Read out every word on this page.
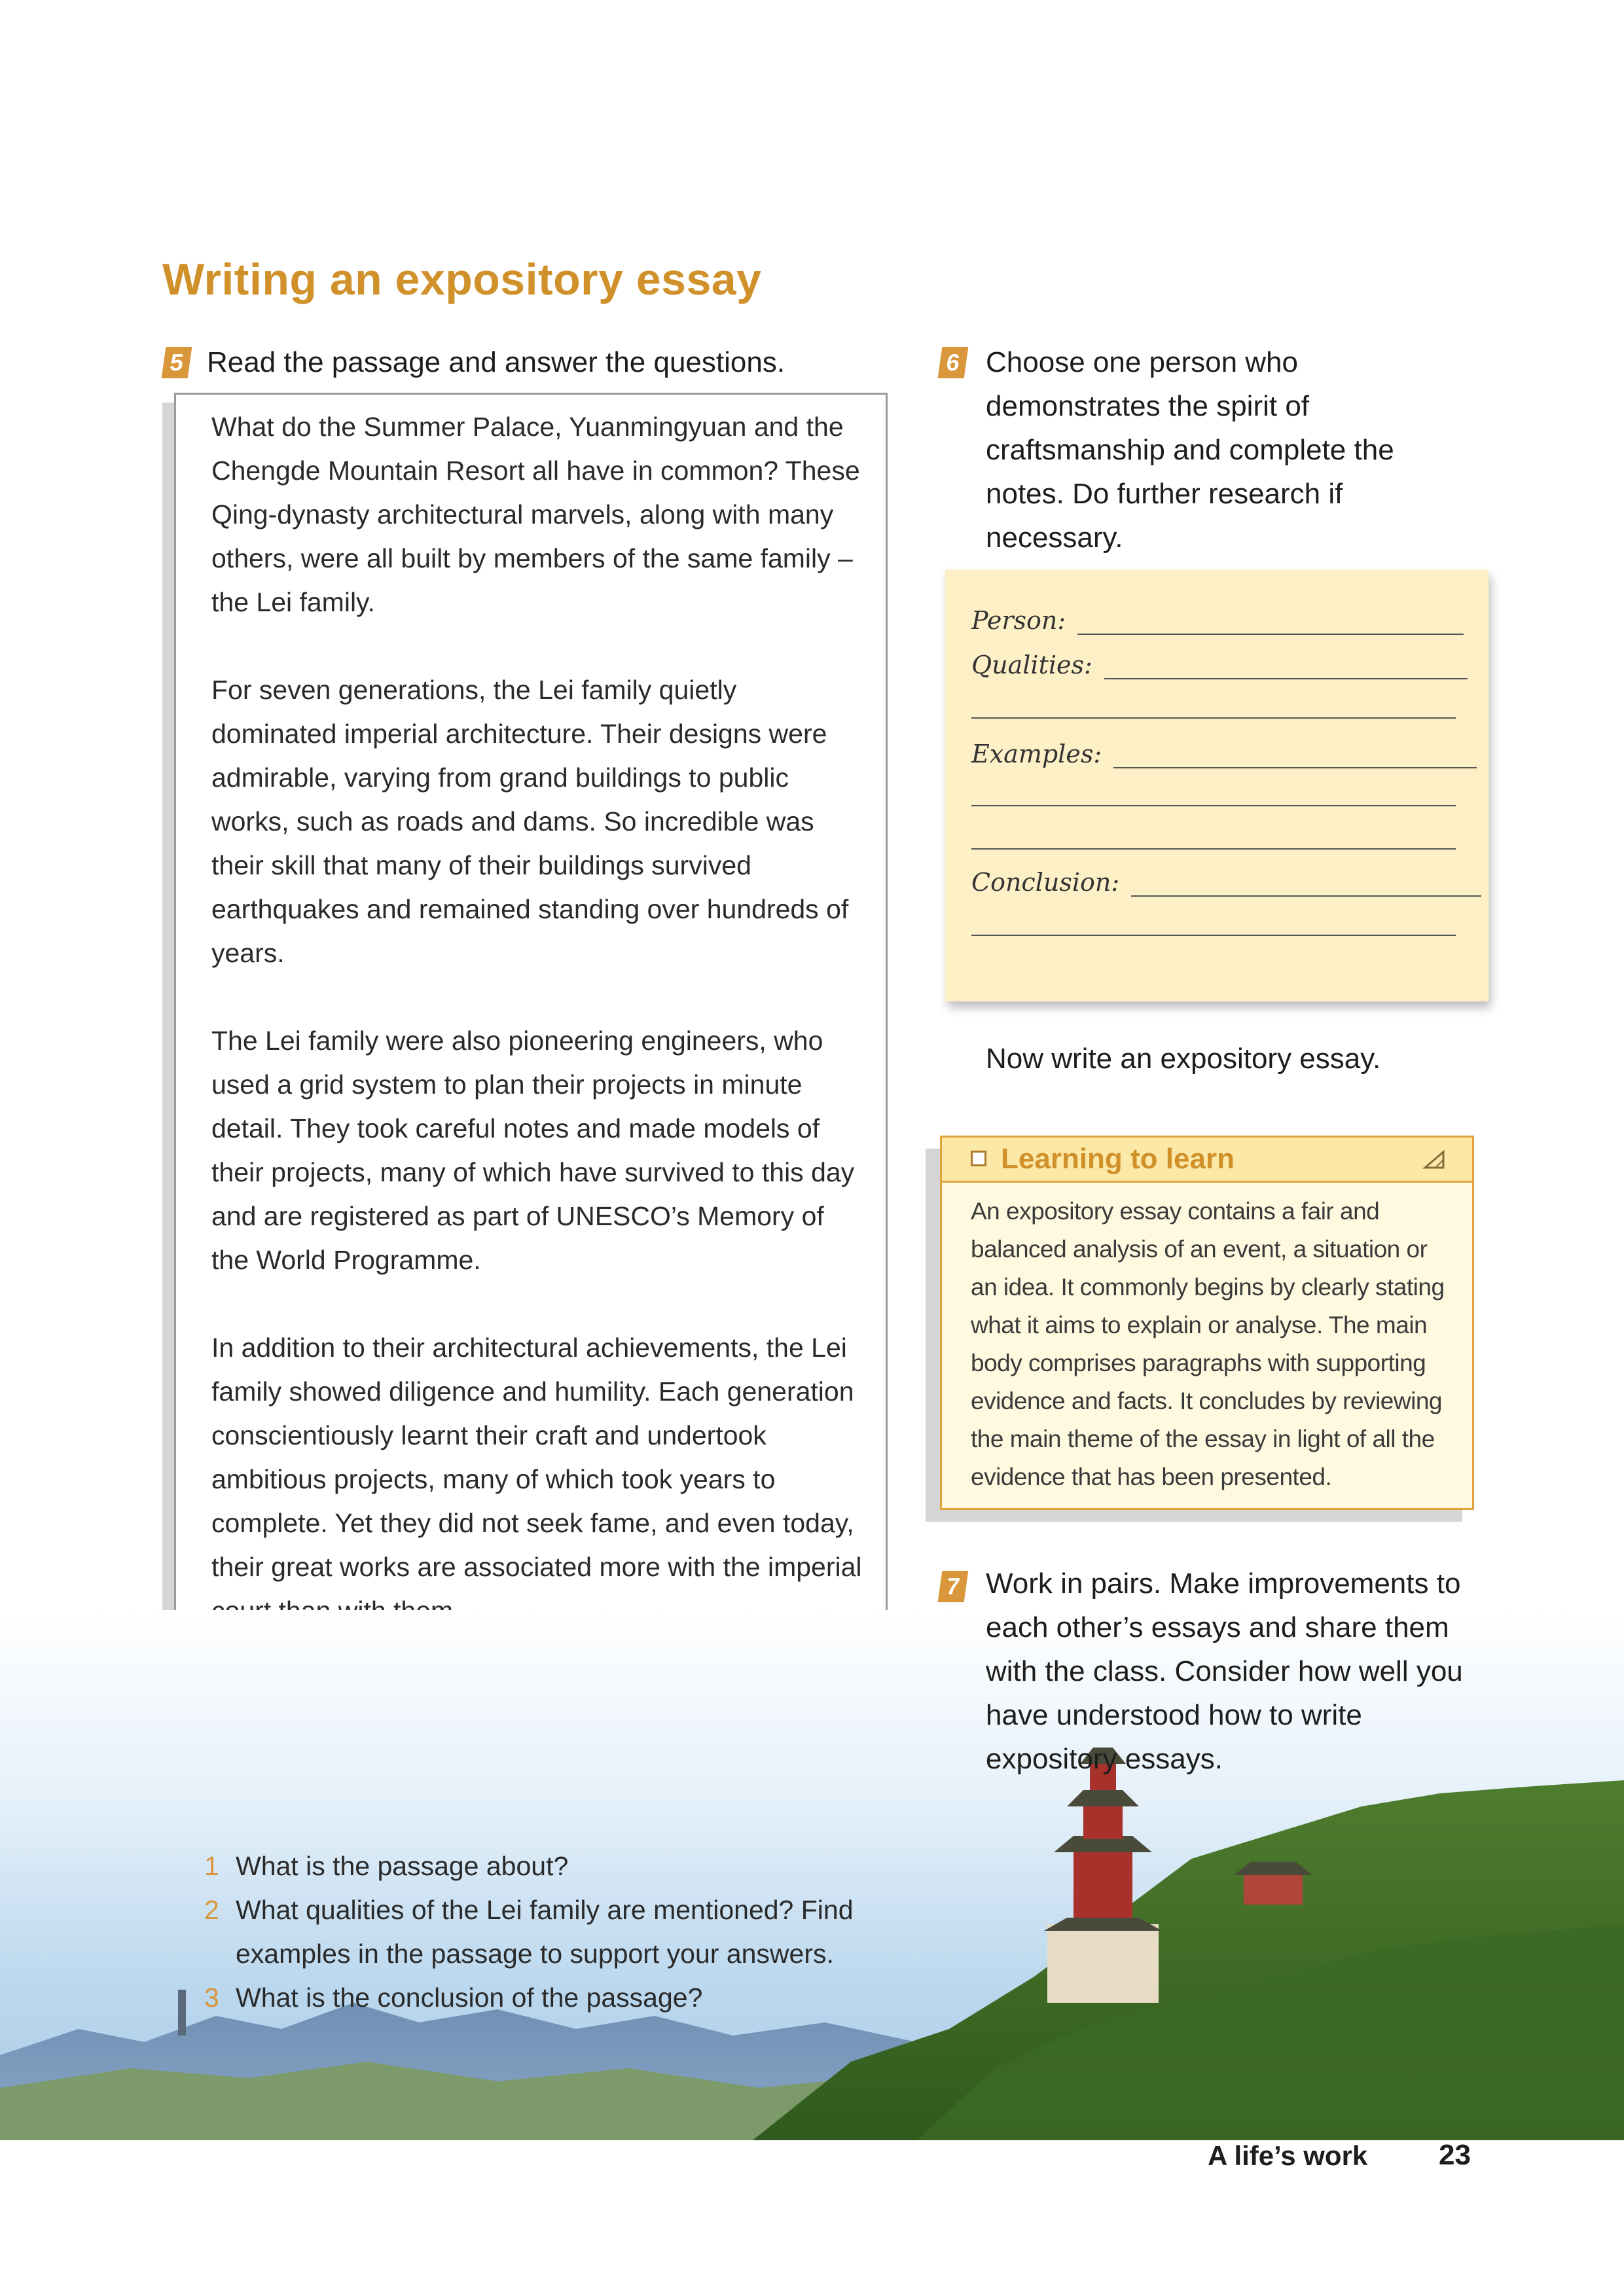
Writing an expository essay
5 Read the passage and answer the questions.

What do the Summer Palace, Yuanmingyuan and the Chengde Mountain Resort all have in common? These Qing-dynasty architectural marvels, along with many others, were all built by members of the same family – the Lei family.

For seven generations, the Lei family quietly dominated imperial architecture. Their designs were admirable, varying from grand buildings to public works, such as roads and dams. So incredible was their skill that many of their buildings survived earthquakes and remained standing over hundreds of years.

The Lei family were also pioneering engineers, who used a grid system to plan their projects in minute detail. They took careful notes and made models of their projects, many of which have survived to this day and are registered as part of UNESCO’s Memory of the World Programme.

In addition to their architectural achievements, the Lei family showed diligence and humility. Each generation conscientiously learnt their craft and undertook ambitious projects, many of which took years to complete. Yet they did not seek fame, and even today, their great works are associated more with the imperial

1 What is the passage about?
2 What qualities of the Lei family are mentioned? Find examples in the passage to support your answers.
3 What is the conclusion of the passage?
6 Choose one person who demonstrates the spirit of craftsmanship and complete the notes. Do further research if necessary.
Person:
Qualities:
Examples:
Conclusion:
Now write an expository essay.
Learning to learn
An expository essay contains a fair and balanced analysis of an event, a situation or an idea. It commonly begins by clearly stating what it aims to explain or analyse. The main body comprises paragraphs with supporting evidence and facts. It concludes by reviewing the main theme of the essay in light of all the evidence that has been presented.
7 Work in pairs. Make improvements to each other’s essays and share them with the class. Consider how well you have understood how to write expository essays.
A life’s work 23
